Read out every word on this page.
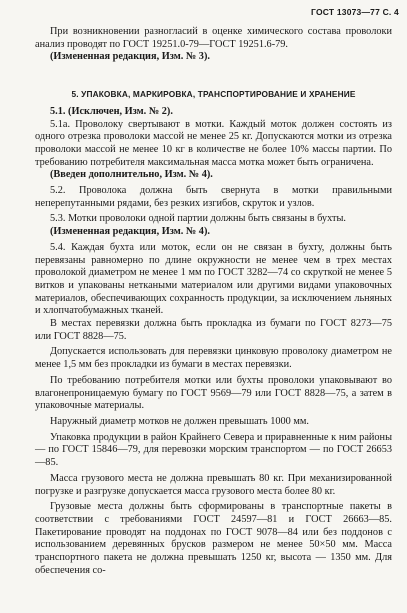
ГОСТ 13073—77 С. 4

При возникновении разногласий в оценке химического состава проволоки анализ проводят по ГОСТ 19251.0-79—ГОСТ 19251.6-79.

(Измененная редакция, Изм. № 3).

5. УПАКОВКА, МАРКИРОВКА, ТРАНСПОРТИРОВАНИЕ И ХРАНЕНИЕ

5.1. (Исключен, Изм. № 2).

5.1а. Проволоку свертывают в мотки. Каждый моток должен состоять из одного отрезка проволоки массой не менее 25 кг. Допускаются мотки из отрезка проволоки массой не менее 10 кг в количестве не более 10% массы партии. По требованию потребителя максимальная масса мотка может быть ограничена.

(Введен дополнительно, Изм. № 4).

5.2. Проволока должна быть свернута в мотки правильными неперепутанными рядами, без резких изгибов, скруток и узлов.

5.3. Мотки проволоки одной партии должны быть связаны в бухты.

(Измененная редакция, Изм. № 4).

5.4. Каждая бухта или моток, если он не связан в бухту, должны быть перевязаны равномерно по длине окружности не менее чем в трех местах проволокой диаметром не менее 1 мм по ГОСТ 3282—74 со скруткой не менее 5 витков и упакованы неткаными материалом или другими видами упаковочных материалов, обеспечивающих сохранность продукции, за исключением льняных и хлопчатобумажных тканей.

В местах перевязки должна быть прокладка из бумаги по ГОСТ 8273—75 или ГОСТ 8828—75.

Допускается использовать для перевязки цинковую проволоку диаметром не менее 1,5 мм без прокладки из бумаги в местах перевязки.

По требованию потребителя мотки или бухты проволоки упаковывают во влагонепроницаемую бумагу по ГОСТ 9569—79 или ГОСТ 8828—75, а затем в упаковочные материалы.

Наружный диаметр мотков не должен превышать 1000 мм.

Упаковка продукции в район Крайнего Севера и приравненные к ним районы — по ГОСТ 15846—79, для перевозки морским транспортом — по ГОСТ 26653—85.

Масса грузового места не должна превышать 80 кг. При механизированной погрузке и разгрузке допускается масса грузового места более 80 кг.

Грузовые места должны быть сформированы в транспортные пакеты в соответствии с требованиями ГОСТ 24597—81 и ГОСТ 26663—85. Пакетирование проводят на поддонах по ГОСТ 9078—84 или без поддонов с использованием деревянных брусков размером не менее 50×50 мм. Масса транспортного пакета не должна превышать 1250 кг, высота — 1350 мм. Для обеспечения со-
